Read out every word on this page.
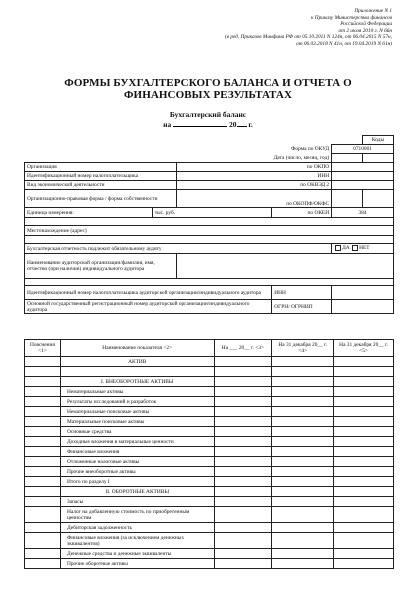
Приложение N 1
к Приказу Министерства финансов
Российской Федерации
от 2 июля 2010 г. N 66н
(в ред. Приказов Минфина РФ от 05.10.2011 N 124н, от 06.04.2015 N 57н,
от 06.03.2018 N 41н, от 19.04.2019 N 61н)
ФОРМЫ БУХГАЛТЕРСКОГО БАЛАНСА И ОТЧЕТА О ФИНАНСОВЫХ РЕЗУЛЬТАТАХ
Бухгалтерский баланс
на	20 г.
					Коды
Форма по ОКУД				0710001	
Дата (число, месяц, год)					
Организация		по ОКПО			
Идентификационный номер налогоплательщика		ИНН			
Вид экономической деятельности		по ОКВЭД 2			
Организационно-правовая форма / форма собственности		по ОКОПФ/ОКФС			
Единица измерения:	тыс. руб.		по ОКЕИ	384	

Местонахождение (адрес)					

Бухгалтерская отчетность подлежит обязательному аудиту				ДА НЕТ	
Наименование аудиторской организации/фамилия, имя, отчество (при наличии) индивидуального аудитора					

Идентификационный номер налогоплательщика аудиторской организации/индивидуального аудитора			ИНН		
Основной государственный регистрационный номер аудиторской организации/индивидуального аудитора			ОГРН/ ОГРНИП		
Пояснения <1>	Наименование показателя <2>	На ___ 20__ г. <3>	На 31 декабря 20__ г. <4>	На 31 декабря 20__ г. <5>
	АКТИВ			

	I. ВНЕОБОРОТНЫЕ АКТИВЫ			
	Нематериальные активы			
	Результаты исследований и разработок			
	Нематериальные поисковые активы			
	Материальные поисковые активы			
	Основные средства			
	Доходные вложения в материальные ценности			
	Финансовые вложения			
	Отложенные налоговые активы			
	Прочие внеоборотные активы			
	Итого по разделу I			
	II. ОБОРОТНЫЕ АКТИВЫ			
	Запасы			
	Налог на добавленную стоимость по приобретенным ценностям			
	Дебиторская задолженность			
	Финансовые вложения (за исключением денежных эквивалентов)			
	Денежные средства и денежные эквиваленты			
	Прочие оборотные активы			
